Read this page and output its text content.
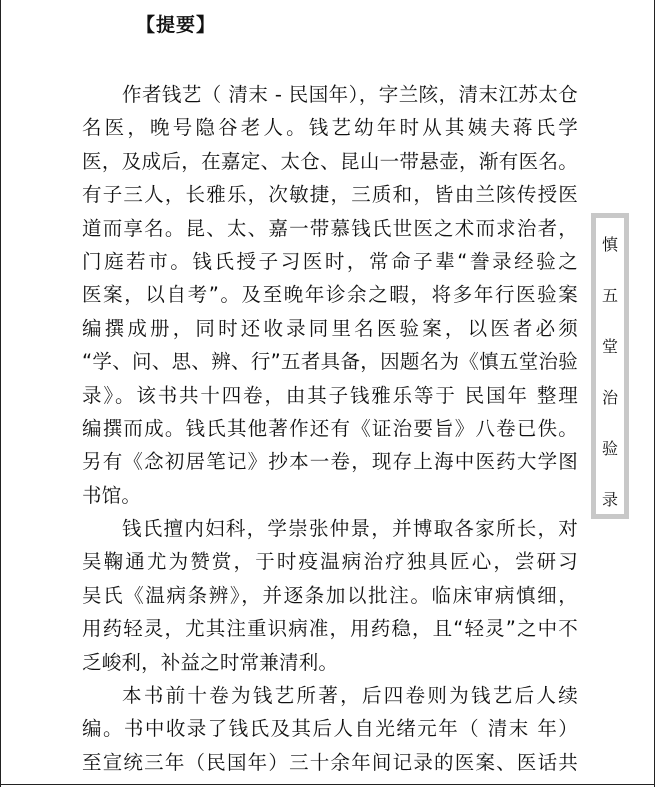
【提要】
作者钱艺（ 清末 - 民国年），字兰陔，清末江苏太仓
名医，晚号隐谷老人。钱艺幼年时从其姨夫蒋氏学
医，及成后，在嘉定、太仓、昆山一带悬壶，渐有医名。
有子三人，长雅乐，次敏捷，三质和，皆由兰陔传授医
道而享名。昆、太、嘉一带慕钱氏世医之术而求治者，
门庭若市。钱氏授子习医时，常命子辈“誊录经验之
医案，以自考”。及至晚年诊余之暇，将多年行医验案
编撰成册，同时还收录同里名医验案，以医者必须
“学、问、思、辨、行”五者具备，因题名为《慎五堂治验
录》。该书共十四卷，由其子钱雅乐等于 民国年 整理
编撰而成。钱氏其他著作还有《证治要旨》八卷已佚。
另有《念初居笔记》抄本一卷，现存上海中医药大学图
书馆。
钱氏擅内妇科，学崇张仲景，并博取各家所长，对
吴鞠通尤为赞赏，于时疫温病治疗独具匠心，尝研习
吴氏《温病条辨》，并逐条加以批注。临床审病慎细，
用药轻灵，尤其注重识病准，用药稳，且“轻灵”之中不
乏峻利，补益之时常兼清利。
本书前十卷为钱艺所著，后四卷则为钱艺后人续
编。书中收录了钱氏及其后人自光绪元年（ 清末 年）
至宣统三年（民国年）三十余年间记录的医案、医话共
慎
五
堂
治
验
录
